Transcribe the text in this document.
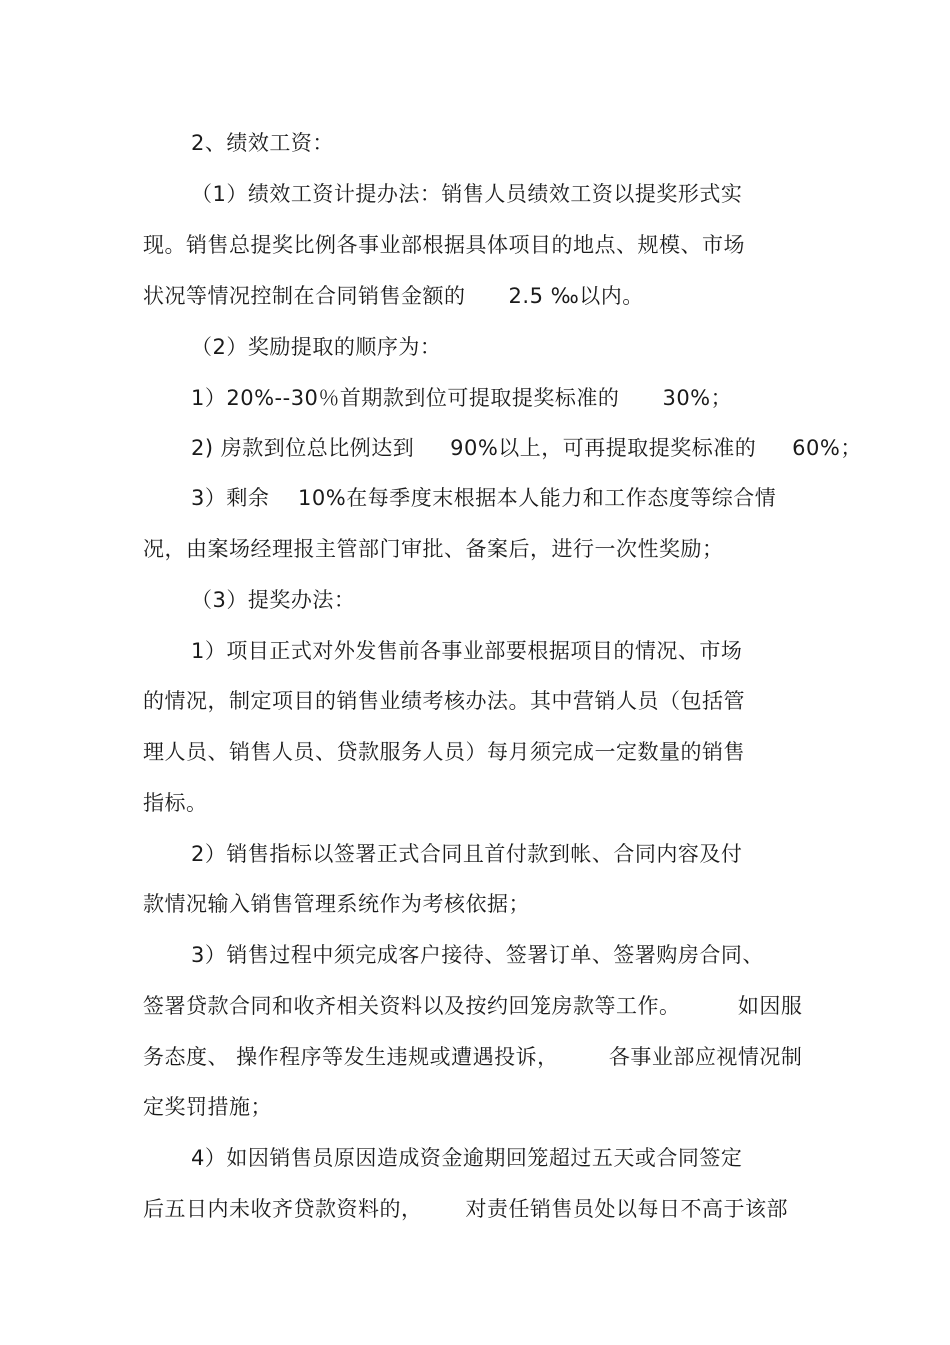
2、绩效工资：
（1）绩效工资计提办法：销售人员绩效工资以提奖形式实
现。销售总提奖比例各事业部根据具体项目的地点、规模、市场
状况等情况控制在合同销售金额的      2.5 ‰以内。
（2）奖励提取的顺序为：
1）20%--30％首期款到位可提取提奖标准的      30%；
2) 房款到位总比例达到     90%以上，可再提取提奖标准的     60%；
3）剩余    10%在每季度末根据本人能力和工作态度等综合情
况，由案场经理报主管部门审批、备案后，进行一次性奖励；
（3）提奖办法：
1）项目正式对外发售前各事业部要根据项目的情况、市场
的情况，制定项目的销售业绩考核办法。其中营销人员（包括管
理人员、销售人员、贷款服务人员）每月须完成一定数量的销售
指标。
2）销售指标以签署正式合同且首付款到帐、合同内容及付
款情况输入销售管理系统作为考核依据；
3）销售过程中须完成客户接待、签署订单、签署购房合同、
签署贷款合同和收齐相关资料以及按约回笼房款等工作。        如因服
务态度、 操作程序等发生违规或遭遇投诉，       各事业部应视情况制
定奖罚措施；
4）如因销售员原因造成资金逾期回笼超过五天或合同签定
后五日内未收齐贷款资料的，      对责任销售员处以每日不高于该部
